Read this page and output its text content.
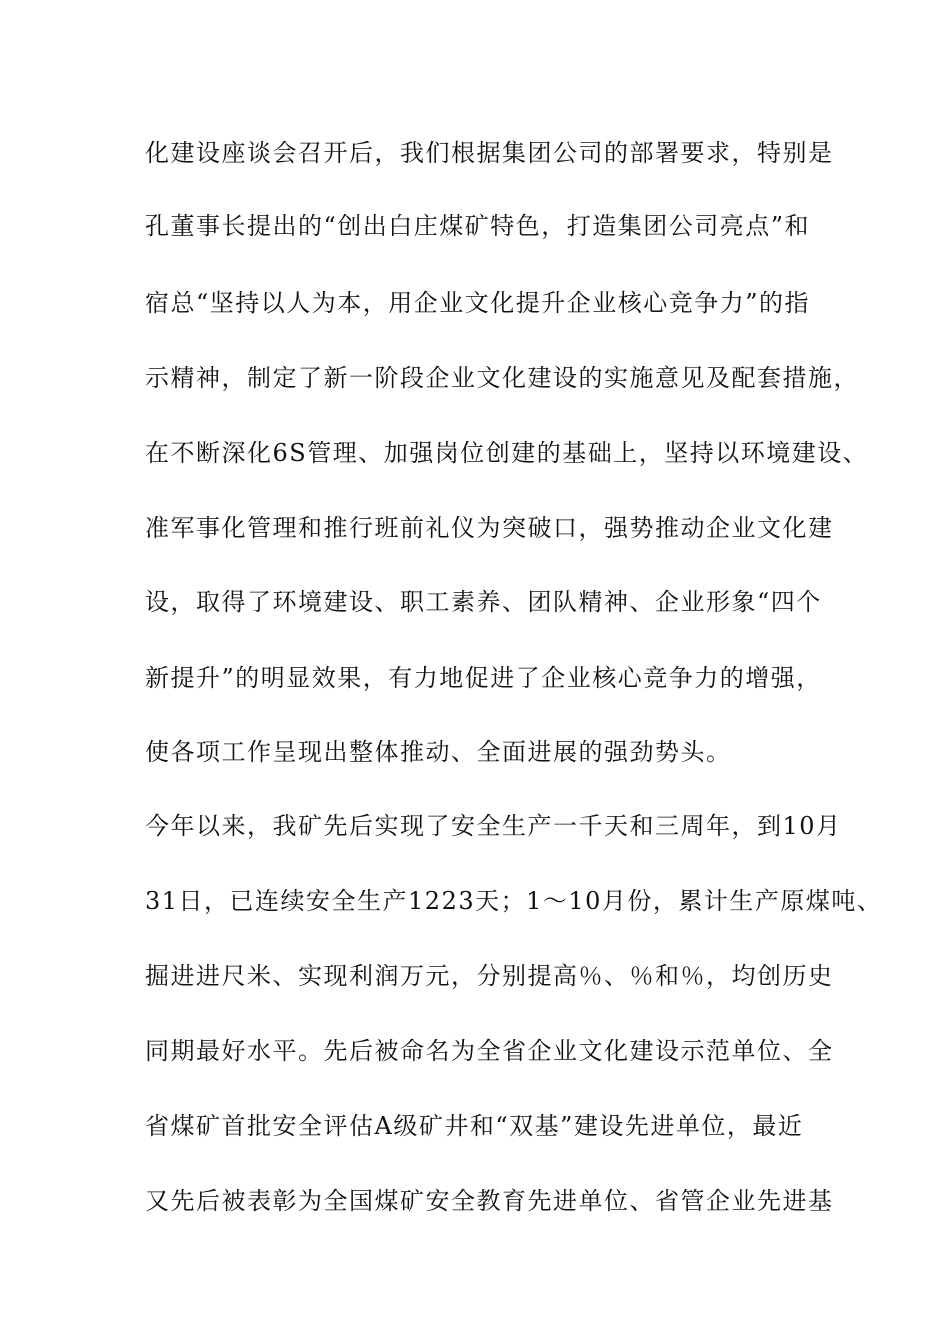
化建设座谈会召开后，我们根据集团公司的部署要求，特别是
孔董事长提出的“创出白庄煤矿特色，打造集团公司亮点”和
宿总“坚持以人为本，用企业文化提升企业核心竞争力”的指
示精神，制定了新一阶段企业文化建设的实施意见及配套措施，
在不断深化6S管理、加强岗位创建的基础上，坚持以环境建设、
准军事化管理和推行班前礼仪为突破口，强势推动企业文化建
设，取得了环境建设、职工素养、团队精神、企业形象“四个
新提升”的明显效果，有力地促进了企业核心竞争力的增强，
使各项工作呈现出整体推动、全面进展的强劲势头。
今年以来，我矿先后实现了安全生产一千天和三周年，到10月
31日，已连续安全生产1223天；1～10月份，累计生产原煤吨、
掘进进尺米、实现利润万元，分别提高％、％和％，均创历史
同期最好水平。先后被命名为全省企业文化建设示范单位、全
省煤矿首批安全评估A级矿井和“双基”建设先进单位，最近
又先后被表彰为全国煤矿安全教育先进单位、省管企业先进基
